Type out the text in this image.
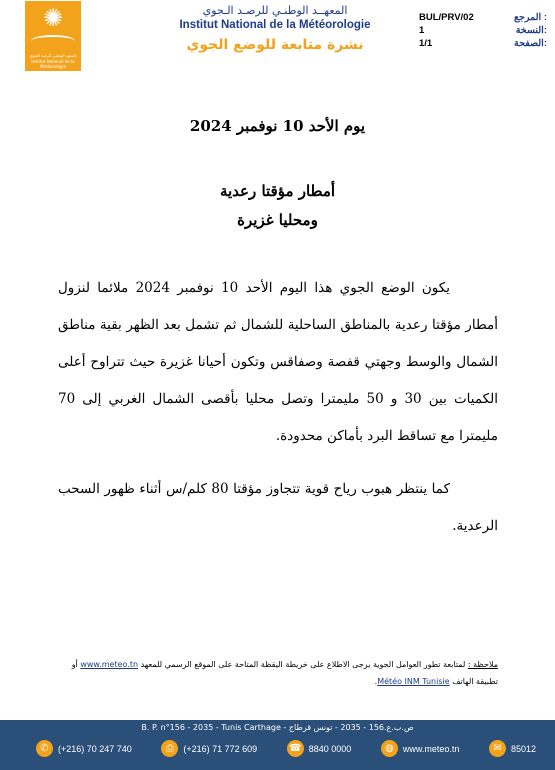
✺
المعهد الوطني للرصد الجوي
Institut National de la Météorologie
المعهــد الوطنـي للرصـد الـجوي
Institut National de la Météorologie
نشرة متابعة للوضع الجوي
BUL/PRV/02	المرجع :
1	النسخة:
1/1	الصفحة:
يوم الأحد 10 نوفمبر 2024
أمطار مؤقتا رعدية
ومحليا غزيرة
يكون الوضع الجوي هذا اليوم الأحد 10 نوفمبر 2024 ملائما لنزول أمطار مؤقتا رعدية بالمناطق الساحلية للشمال ثم تشمل بعد الظهر بقية مناطق الشمال والوسط وجهتي قفصة وصفاقس وتكون أحيانا غزيرة حيث تتراوح أعلى الكميات بين 30 و 50 مليمترا وتصل محليا بأقصى الشمال الغربي إلى 70 مليمترا مع تساقط البرد بأماكن محدودة.
كما ينتظر هبوب رياح قوية تتجاوز مؤقتا 80 كلم/س أثناء ظهور السحب الرعدية.
ملاحظة : لمتابعة تطور العوامل الجوية يرجى الاطلاع على خريطة اليقظة المتاحة على الموقع الرسمي للمعهد www.meteo.tn أو
تطبيقة الهاتف Météo INM Tunisie.
B. P. n°156 - 2035 - Tunis Carthage - ص.ب.ع.156 - 2035 - تونس قرطاج
✆	(+216) 70 247 740	⎙	(+216) 71 772 609	☎ 8840 0000	◍	www.meteo.tn	✉	85012
